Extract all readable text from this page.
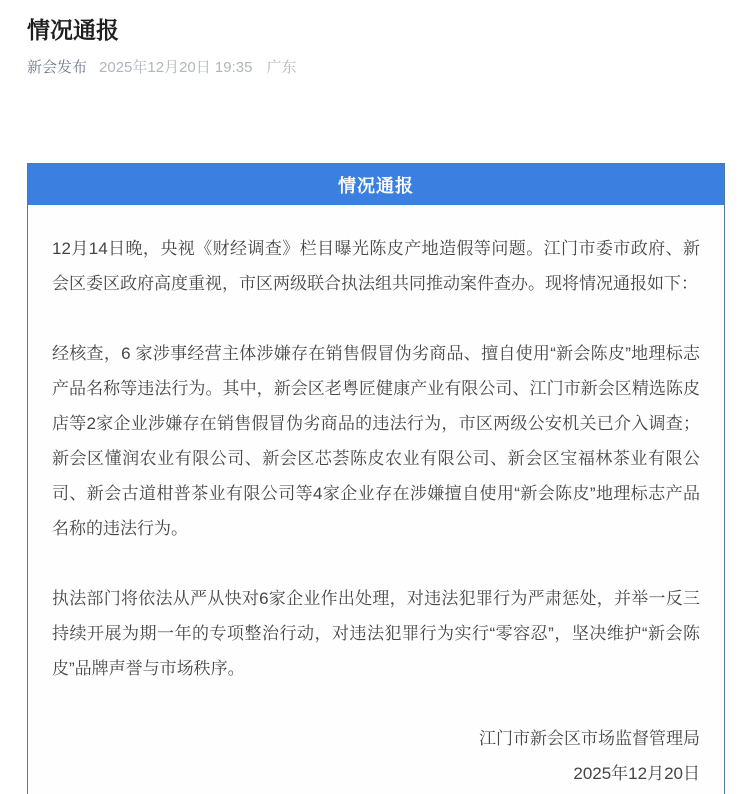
情况通报
新会发布 2025年12月20日 19:35 广东
情况通报

12月14日晚，央视《财经调查》栏目曝光陈皮产地造假等问题。江门市委市政府、新会区委区政府高度重视，市区两级联合执法组共同推动案件查办。现将情况通报如下：

经核查，6 家涉事经营主体涉嫌存在销售假冒伪劣商品、擅自使用“新会陈皮”地理标志产品名称等违法行为。其中，新会区老粤匠健康产业有限公司、江门市新会区精选陈皮店等2家企业涉嫌存在销售假冒伪劣商品的违法行为，市区两级公安机关已介入调查；新会区懂润农业有限公司、新会区芯荟陈皮农业有限公司、新会区宝福林茶业有限公司、新会古道柑普茶业有限公司等4家企业存在涉嫌擅自使用“新会陈皮”地理标志产品名称的违法行为。

执法部门将依法从严从快对6家企业作出处理，对违法犯罪行为严肃惩处，并举一反三持续开展为期一年的专项整治行动，对违法犯罪行为实行“零容忍”，坚决维护“新会陈皮”品牌声誉与市场秩序。

江门市新会区市场监督管理局
2025年12月20日
